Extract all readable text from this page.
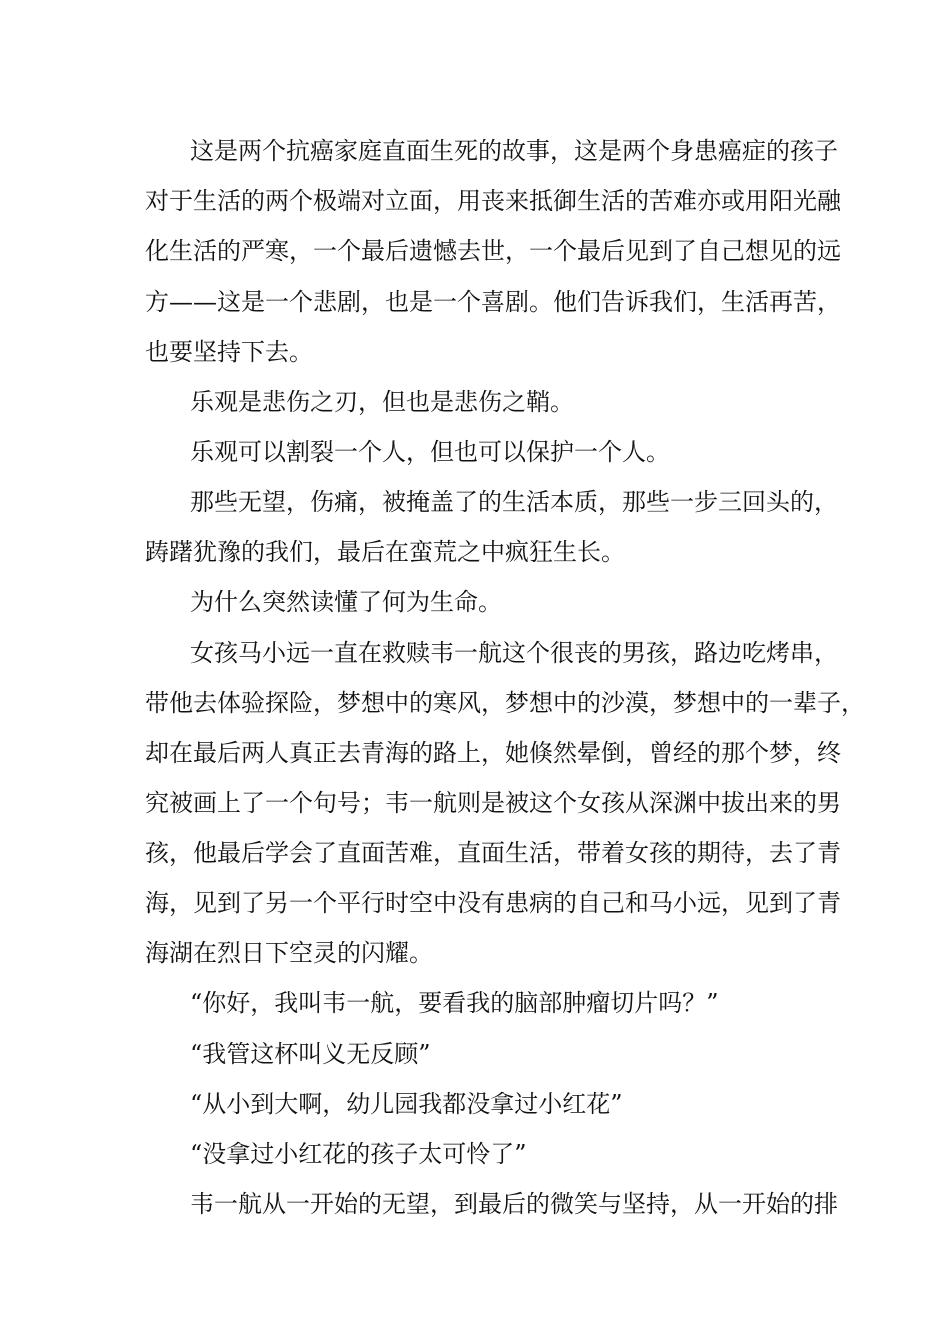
这是两个抗癌家庭直面生死的故事，这是两个身患癌症的孩子

对于生活的两个极端对立面，用丧来抵御生活的苦难亦或用阳光融

化生活的严寒，一个最后遗憾去世，一个最后见到了自己想见的远

方——这是一个悲剧，也是一个喜剧。他们告诉我们，生活再苦，

也要坚持下去。

乐观是悲伤之刃，但也是悲伤之鞘。

乐观可以割裂一个人，但也可以保护一个人。

那些无望，伤痛，被掩盖了的生活本质，那些一步三回头的，

踌躇犹豫的我们，最后在蛮荒之中疯狂生长。

为什么突然读懂了何为生命。

女孩马小远一直在救赎韦一航这个很丧的男孩，路边吃烤串，

带他去体验探险，梦想中的寒风，梦想中的沙漠，梦想中的一辈子，

却在最后两人真正去青海的路上，她倏然晕倒，曾经的那个梦，终

究被画上了一个句号；韦一航则是被这个女孩从深渊中拔出来的男

孩，他最后学会了直面苦难，直面生活，带着女孩的期待，去了青

海，见到了另一个平行时空中没有患病的自己和马小远，见到了青

海湖在烈日下空灵的闪耀。

“你好，我叫韦一航，要看我的脑部肿瘤切片吗？”

“我管这杯叫义无反顾”

“从小到大啊，幼儿园我都没拿过小红花”

“没拿过小红花的孩子太可怜了”

韦一航从一开始的无望，到最后的微笑与坚持，从一开始的排
